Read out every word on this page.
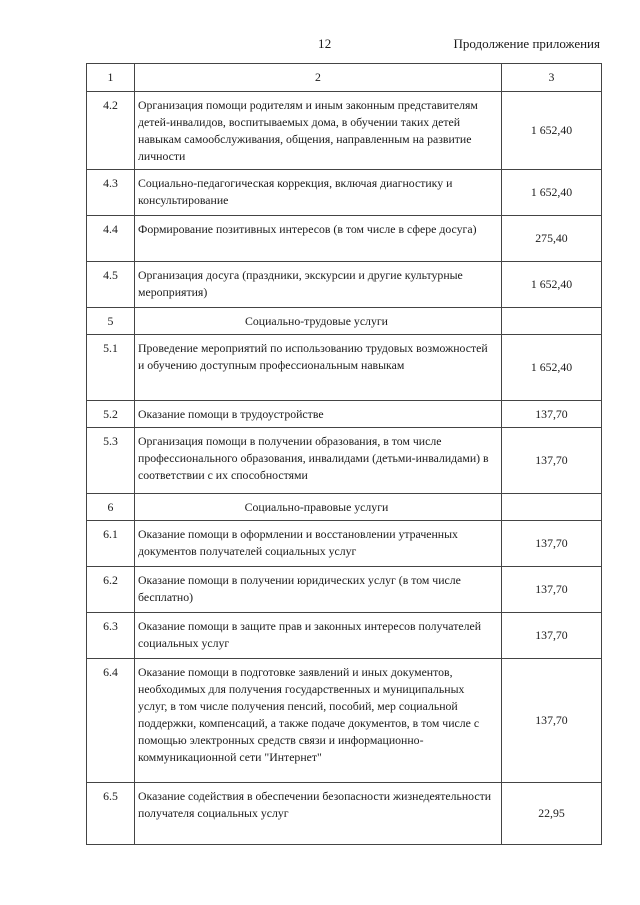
12	Продолжение приложения
1	2	3
4.2	Организация помощи родителям и иным законным представителям детей-инвалидов, воспитываемых дома, в обучении таких детей навыкам самообслуживания, общения, направленным на развитие личности	1 652,40
4.3	Социально-педагогическая коррекция, включая диагностику и консультирование	1 652,40
4.4	Формирование позитивных интересов (в том числе в сфере досуга)	275,40
4.5	Организация досуга (праздники, экскурсии и другие культурные мероприятия)	1 652,40
5	Социально-трудовые услуги	
5.1	Проведение мероприятий по использованию трудовых возможностей и обучению доступным профессиональным навыкам	1 652,40
5.2	Оказание помощи в трудоустройстве	137,70
5.3	Организация помощи в получении образования, в том числе профессионального образования, инвалидами (детьми-инвалидами) в соответствии с их способностями	137,70
6	Социально-правовые услуги	
6.1	Оказание помощи в оформлении и восстановлении утраченных документов получателей социальных услуг	137,70
6.2	Оказание помощи в получении юридических услуг (в том числе бесплатно)	137,70
6.3	Оказание помощи в защите прав и законных интересов получателей социальных услуг	137,70
6.4	Оказание помощи в подготовке заявлений и иных документов, необходимых для получения государственных и муниципальных услуг, в том числе получения пенсий, пособий, мер социальной поддержки, компенсаций, а также подаче документов, в том числе с помощью электронных средств связи и информационно-коммуникационной сети "Интернет"	137,70
6.5	Оказание содействия в обеспечении безопасности жизнедеятельности получателя социальных услуг	22,95
